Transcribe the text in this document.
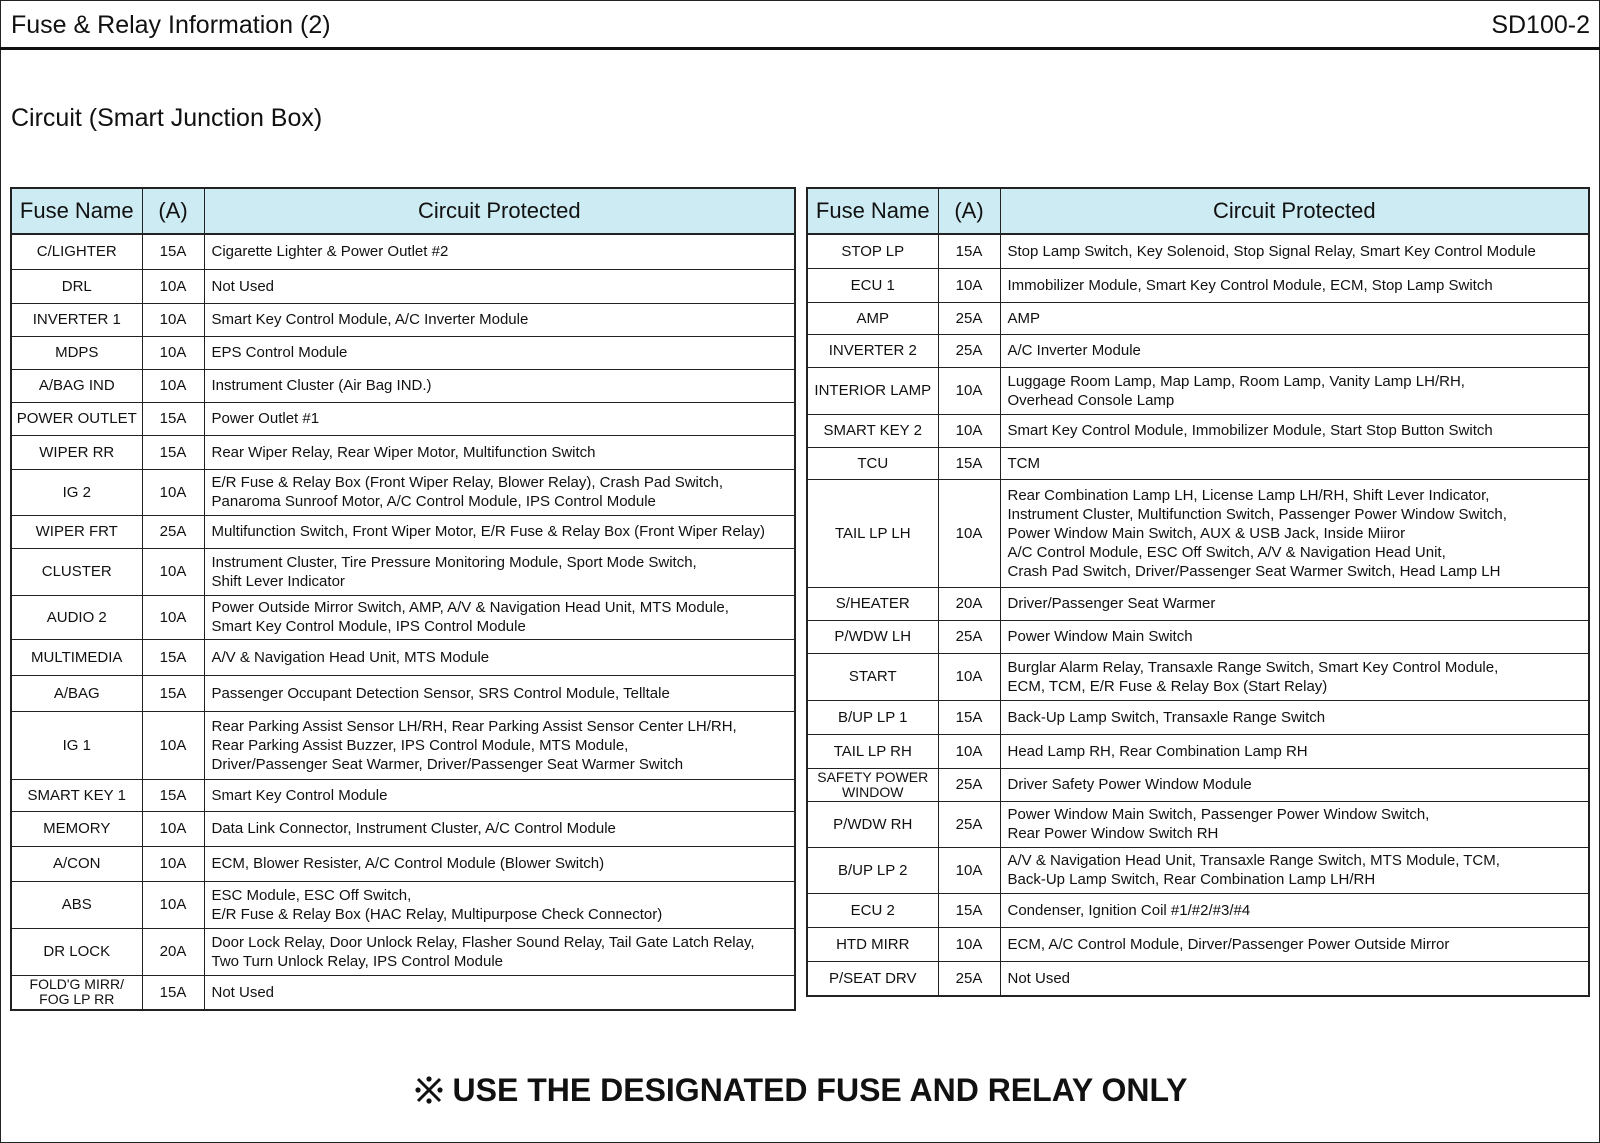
Fuse & Relay Information (2)	SD100-2
Circuit (Smart Junction Box)
Fuse Name	(A)	Circuit Protected
C/LIGHTER	15A	Cigarette Lighter & Power Outlet #2
DRL	10A	Not Used
INVERTER 1	10A	Smart Key Control Module, A/C Inverter Module
MDPS	10A	EPS Control Module
A/BAG IND	10A	Instrument Cluster (Air Bag IND.)
POWER OUTLET	15A	Power Outlet #1
WIPER RR	15A	Rear Wiper Relay, Rear Wiper Motor, Multifunction Switch
IG 2	10A	E/R Fuse & Relay Box (Front Wiper Relay, Blower Relay), Crash Pad Switch,
Panaroma Sunroof Motor, A/C Control Module, IPS Control Module
WIPER FRT	25A	Multifunction Switch, Front Wiper Motor, E/R Fuse & Relay Box (Front Wiper Relay)
CLUSTER	10A	Instrument Cluster, Tire Pressure Monitoring Module, Sport Mode Switch,
Shift Lever Indicator
AUDIO 2	10A	Power Outside Mirror Switch, AMP, A/V & Navigation Head Unit, MTS Module,
Smart Key Control Module, IPS Control Module
MULTIMEDIA	15A	A/V & Navigation Head Unit, MTS Module
A/BAG	15A	Passenger Occupant Detection Sensor, SRS Control Module, Telltale
IG 1	10A	Rear Parking Assist Sensor LH/RH, Rear Parking Assist Sensor Center LH/RH,
Rear Parking Assist Buzzer, IPS Control Module, MTS Module,
Driver/Passenger Seat Warmer, Driver/Passenger Seat Warmer Switch
SMART KEY 1	15A	Smart Key Control Module
MEMORY	10A	Data Link Connector, Instrument Cluster, A/C Control Module
A/CON	10A	ECM, Blower Resister, A/C Control Module (Blower Switch)
ABS	10A	ESC Module, ESC Off Switch,
E/R Fuse & Relay Box (HAC Relay, Multipurpose Check Connector)
DR LOCK	20A	Door Lock Relay, Door Unlock Relay, Flasher Sound Relay, Tail Gate Latch Relay,
Two Turn Unlock Relay, IPS Control Module
FOLD'G MIRR/
FOG LP RR	15A	Not Used
Fuse Name	(A)	Circuit Protected
STOP LP	15A	Stop Lamp Switch, Key Solenoid, Stop Signal Relay, Smart Key Control Module
ECU 1	10A	Immobilizer Module, Smart Key Control Module, ECM, Stop Lamp Switch
AMP	25A	AMP
INVERTER 2	25A	A/C Inverter Module
INTERIOR LAMP	10A	Luggage Room Lamp, Map Lamp, Room Lamp, Vanity Lamp LH/RH,
Overhead Console Lamp
SMART KEY 2	10A	Smart Key Control Module, Immobilizer Module, Start Stop Button Switch
TCU	15A	TCM
TAIL LP LH	10A	Rear Combination Lamp LH, License Lamp LH/RH, Shift Lever Indicator,
Instrument Cluster, Multifunction Switch, Passenger Power Window Switch,
Power Window Main Switch, AUX & USB Jack, Inside Miiror
A/C Control Module, ESC Off Switch, A/V & Navigation Head Unit,
Crash Pad Switch, Driver/Passenger Seat Warmer Switch, Head Lamp LH
S/HEATER	20A	Driver/Passenger Seat Warmer
P/WDW LH	25A	Power Window Main Switch
START	10A	Burglar Alarm Relay, Transaxle Range Switch, Smart Key Control Module,
ECM, TCM, E/R Fuse & Relay Box (Start Relay)
B/UP LP 1	15A	Back-Up Lamp Switch, Transaxle Range Switch
TAIL LP RH	10A	Head Lamp RH, Rear Combination Lamp RH
SAFETY POWER
WINDOW	25A	Driver Safety Power Window Module
P/WDW RH	25A	Power Window Main Switch, Passenger Power Window Switch,
Rear Power Window Switch RH
B/UP LP 2	10A	A/V & Navigation Head Unit, Transaxle Range Switch, MTS Module, TCM,
Back-Up Lamp Switch, Rear Combination Lamp LH/RH
ECU 2	15A	Condenser, Ignition Coil #1/#2/#3/#4
HTD MIRR	10A	ECM, A/C Control Module, Dirver/Passenger Power Outside Mirror
P/SEAT DRV	25A	Not Used
USE THE DESIGNATED FUSE AND RELAY ONLY
